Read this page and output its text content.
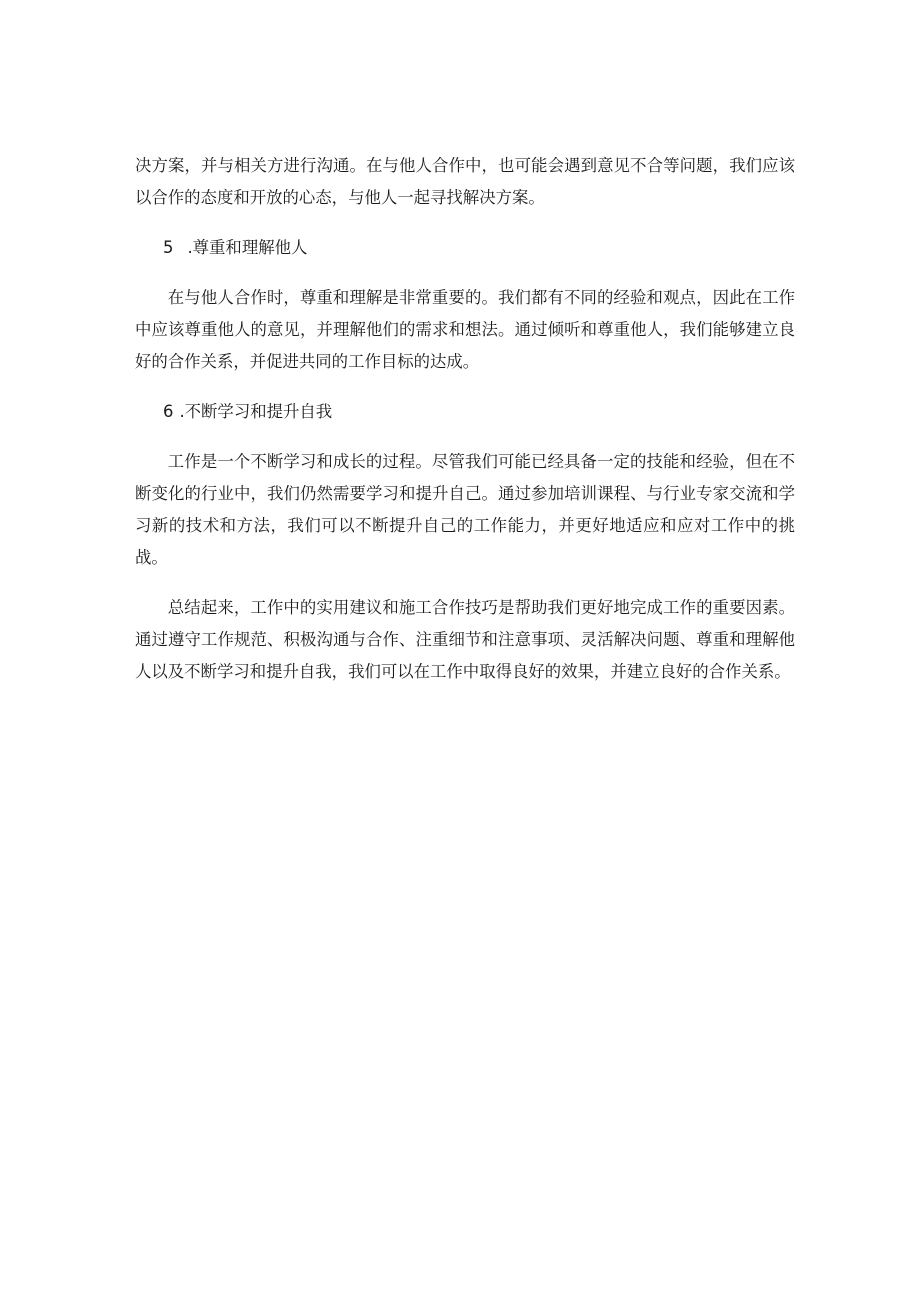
决方案，并与相关方进行沟通。在与他人合作中，也可能会遇到意见不合等问题，我们应该以合作的态度和开放的心态，与他人一起寻找解决方案。

5 .尊重和理解他人

在与他人合作时，尊重和理解是非常重要的。我们都有不同的经验和观点，因此在工作中应该尊重他人的意见，并理解他们的需求和想法。通过倾听和尊重他人，我们能够建立良好的合作关系，并促进共同的工作目标的达成。

6 .不断学习和提升自我

工作是一个不断学习和成长的过程。尽管我们可能已经具备一定的技能和经验，但在不断变化的行业中，我们仍然需要学习和提升自己。通过参加培训课程、与行业专家交流和学习新的技术和方法，我们可以不断提升自己的工作能力，并更好地适应和应对工作中的挑战。

总结起来，工作中的实用建议和施工合作技巧是帮助我们更好地完成工作的重要因素。通过遵守工作规范、积极沟通与合作、注重细节和注意事项、灵活解决问题、尊重和理解他人以及不断学习和提升自我，我们可以在工作中取得良好的效果，并建立良好的合作关系。
